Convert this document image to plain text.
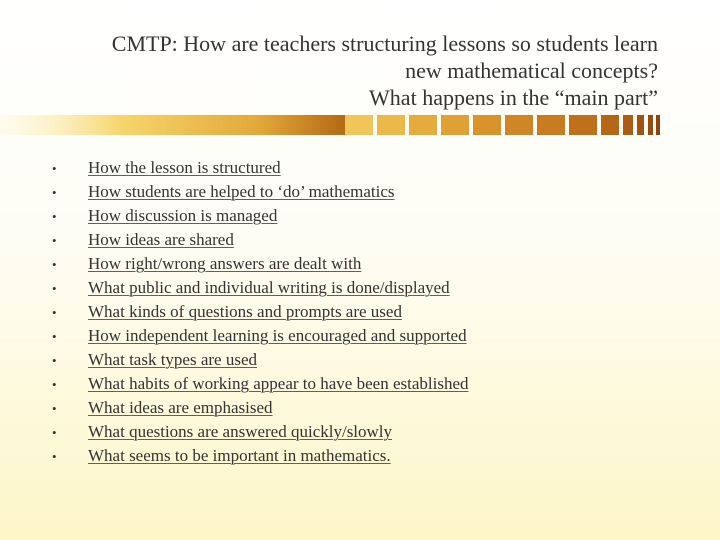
CMTP: How are teachers structuring lessons so students learn
new mathematical concepts?
What happens in the “main part”
•	How the lesson is structured
•	How students are helped to ‘do’ mathematics
•	How discussion is managed
•	How ideas are shared
•	How right/wrong answers are dealt with
•	What public and individual writing is done/displayed
•	What kinds of questions and prompts are used
•	How independent learning is encouraged and supported
•	What task types are used
•	What habits of working appear to have been established
•	What ideas are emphasised
•	What questions are answered quickly/slowly
•	What seems to be important in mathematics.
